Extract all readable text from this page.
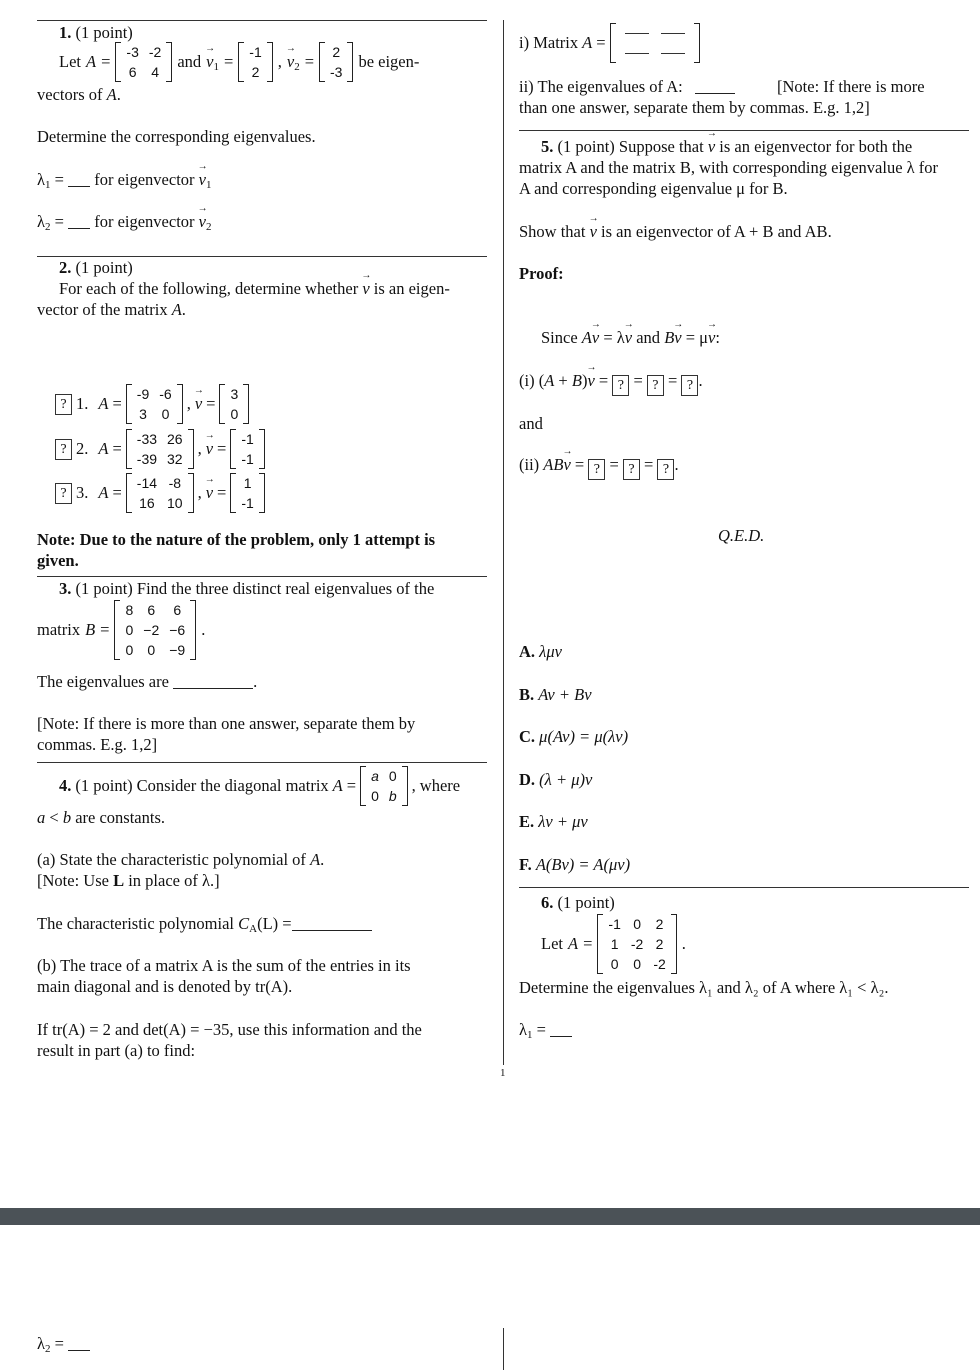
1
1. (1 point)
Let A = -3	-2
6	4
and → $v_1 = -1$
2
, → $v_2 = 2$
-3
be eigen-
vectors of A.
Determine the corresponding eigenvalues.
$\lambda_1$ = for eigenvector → $v_1$
$\lambda_2$ = for eigenvector → $v_2$
2. (1 point)
For each of the following, determine whether → v is an eigen-
vector of the matrix A.
? 1. A = -9	-6
3	0
, → v = 3
0
? 2. A = -33	26
-39	32
, → v = -1
-1
? 3. A = -14	-8
16	10
, → v = 1
-1
Note: Due to the nature of the problem, only 1 attempt is
given.
3. (1 point) Find the three distinct real eigenvalues of the
matrix B =
8	6	6
0	−2	−6
0	0	−9
.
The eigenvalues are	.
[Note: If there is more than one answer, separate them by
commas. E.g. 1,2]
4. (1 point) Consider the diagonal matrix A = a	0
0	b
, where
a < b are constants.
(a) State the characteristic polynomial of A.
[Note: Use L in place of λ.]
The characteristic polynomial $C_A(L)$ =
(b) The trace of a matrix A is the sum of the entries in its
main diagonal and is denoted by tr(A).
If tr(A) = 2 and det(A) = −35, use this information and the
result in part (a) to find:
i) Matrix A =

ii) The eigenvalues of A:	[Note: If there is more
than one answer, separate them by commas. E.g. 1,2]
5. (1 point) Suppose that → v is an eigenvector for both the
matrix A and the matrix B, with corresponding eigenvalue λ for
A and corresponding eigenvalue μ for B.
Show that → v is an eigenvector of A + B and AB.
Proof:
Since A→ v = λ→ v and B→ v = μ→ v:
(i) (A + B)→ v = ? = ? = ? .
and
(ii) AB→ v = ? = ? = ? .
Q.E.D.
A. λμv
B. Av + Bv
C. μ(Av) = μ(λv)
D. (λ + μ)v
E. λv + μv
F. A(Bv) = A(μv)
6. (1 point)
Let A =
-1	0	2
1	-2	2
0	0	-2
.
Determine the eigenvalues λ₁ and λ₂ of A where λ₁ < λ₂.
$\lambda_1$ =
$\lambda_2$ =
